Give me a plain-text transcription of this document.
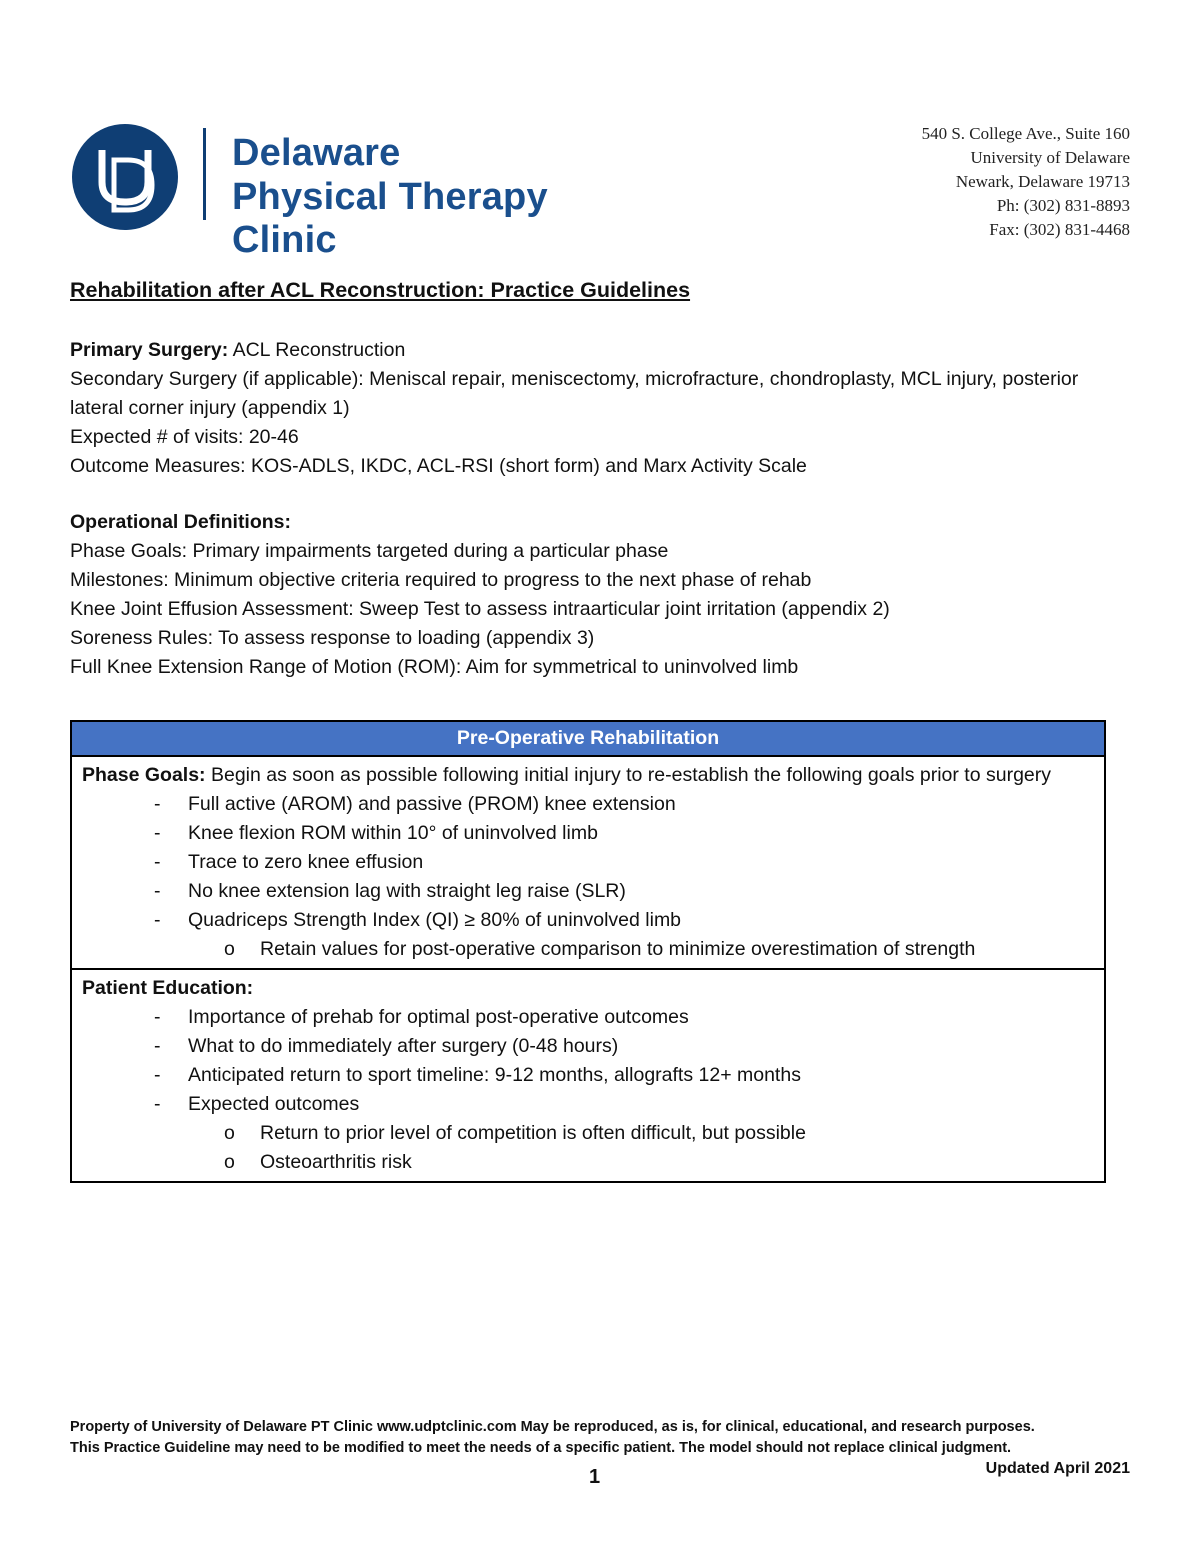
Delaware
Physical Therapy Clinic
540 S. College Ave., Suite 160
University of Delaware
Newark, Delaware 19713
Ph: (302) 831-8893
Fax: (302) 831-4468
Rehabilitation after ACL Reconstruction: Practice Guidelines

Primary Surgery: ACL Reconstruction

Secondary Surgery (if applicable): Meniscal repair, meniscectomy, microfracture, chondroplasty, MCL injury, posterior lateral corner injury (appendix 1)

Expected # of visits: 20-46

Outcome Measures: KOS-ADLS, IKDC, ACL-RSI (short form) and Marx Activity Scale

Operational Definitions:

Phase Goals: Primary impairments targeted during a particular phase

Milestones: Minimum objective criteria required to progress to the next phase of rehab

Knee Joint Effusion Assessment: Sweep Test to assess intraarticular joint irritation (appendix 2)

Soreness Rules: To assess response to loading (appendix 3)

Full Knee Extension Range of Motion (ROM): Aim for symmetrical to uninvolved limb

Pre-Operative Rehabilitation

Phase Goals: Begin as soon as possible following initial injury to re-establish the following goals prior to surgery

- Full active (AROM) and passive (PROM) knee extension

- Knee flexion ROM within 10° of uninvolved limb

- Trace to zero knee effusion

- No knee extension lag with straight leg raise (SLR)

- Quadriceps Strength Index (QI) ≥ 80% of uninvolved limb

o Retain values for post-operative comparison to minimize overestimation of strength

Patient Education:

- Importance of prehab for optimal post-operative outcomes

- What to do immediately after surgery (0-48 hours)

- Anticipated return to sport timeline: 9-12 months, allografts 12+ months

- Expected outcomes

o Return to prior level of competition is often difficult, but possible

o Osteoarthritis risk

Property of University of Delaware PT Clinic www.udptclinic.com May be reproduced, as is, for clinical, educational, and research purposes.

This Practice Guideline may need to be modified to meet the needs of a specific patient. The model should not replace clinical judgment.

Updated April 2021
1
